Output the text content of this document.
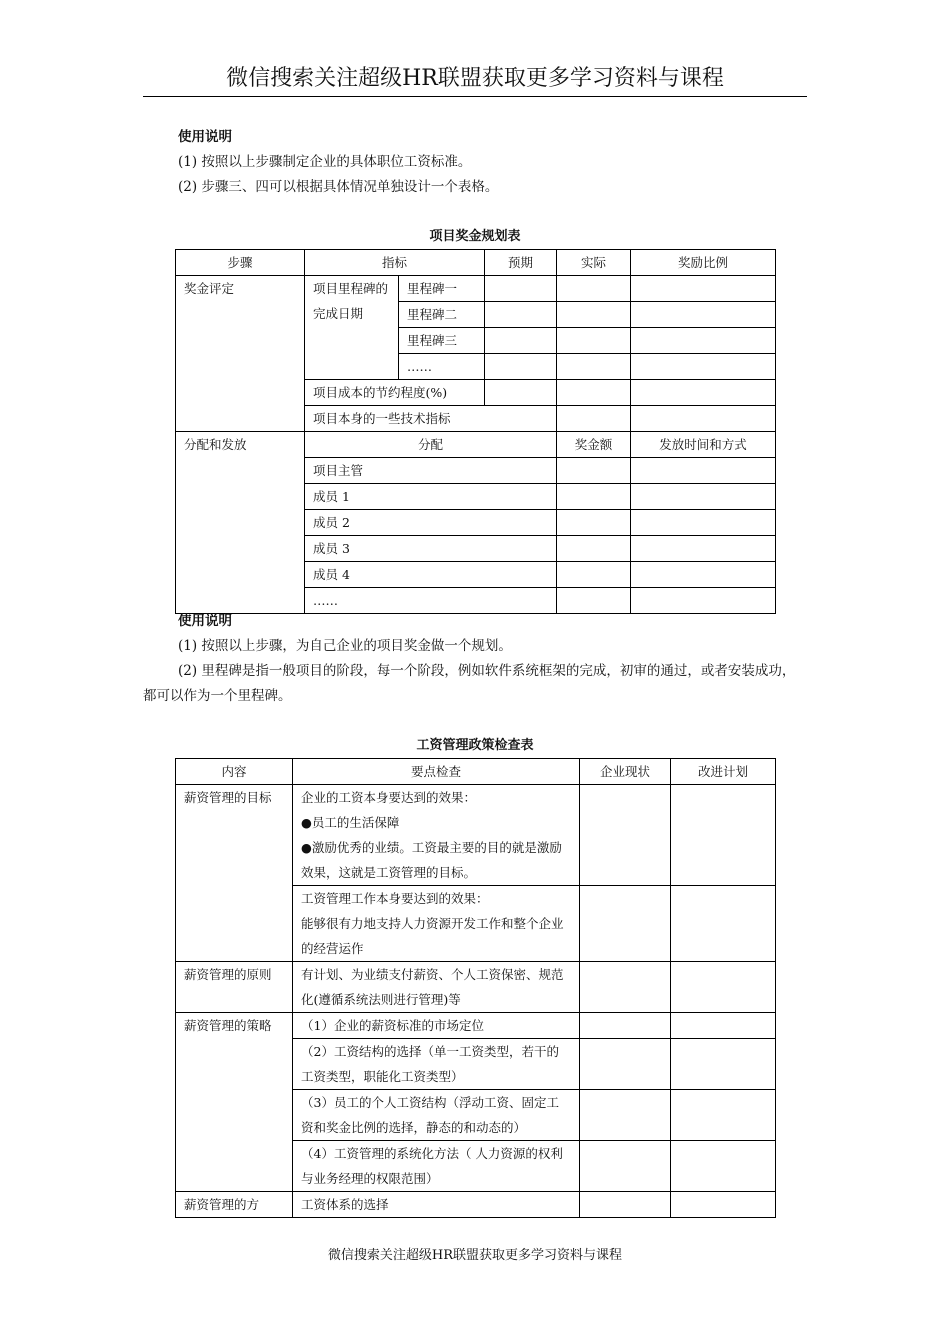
微信搜索关注超级HR联盟获取更多学习资料与课程
使用说明
(1) 按照以上步骤制定企业的具体职位工资标准。
(2) 步骤三、四可以根据具体情况单独设计一个表格。
项目奖金规划表
步骤	指标		预期	实际	奖励比例
奖金评定	项目里程碑的完成日期	里程碑一			
		里程碑二			
		里程碑三			
		……			
	项目成本的节约程度(%)				
	项目本身的一些技术指标				
分配和发放	分配			奖金额	发放时间和方式
	项目主管				
	成员 1				
	成员 2				
	成员 3				
	成员 4				
	……				
使用说明
(1) 按照以上步骤，为自己企业的项目奖金做一个规划。
(2) 里程碑是指一般项目的阶段，每一个阶段，例如软件系统框架的完成，初审的通过，或者安装成功，都可以作为一个里程碑。
工资管理政策检查表
内容	要点检查	企业现状	改进计划
薪资管理的目标	企业的工资本身要达到的效果：
●员工的生活保障
●激励优秀的业绩。工资最主要的目的就是激励效果，这就是工资管理的目标。		

	工资管理工作本身要达到的效果：
能够很有力地支持人力资源开发工作和整个企业的经营运作		

薪资管理的原则	有计划、为业绩支付薪资、个人工资保密、规范化(遵循系统法则进行管理)等		
薪资管理的策略	（1）企业的薪资标准的市场定位		
	（2）工资结构的选择（单一工资类型，若干的工资类型，职能化工资类型）		
	（3）员工的个人工资结构（浮动工资、固定工资和奖金比例的选择，静态的和动态的）		
	（4）工资管理的系统化方法（ 人力资源的权利与业务经理的权限范围）		
薪资管理的方	工资体系的选择		
微信搜索关注超级HR联盟获取更多学习资料与课程
